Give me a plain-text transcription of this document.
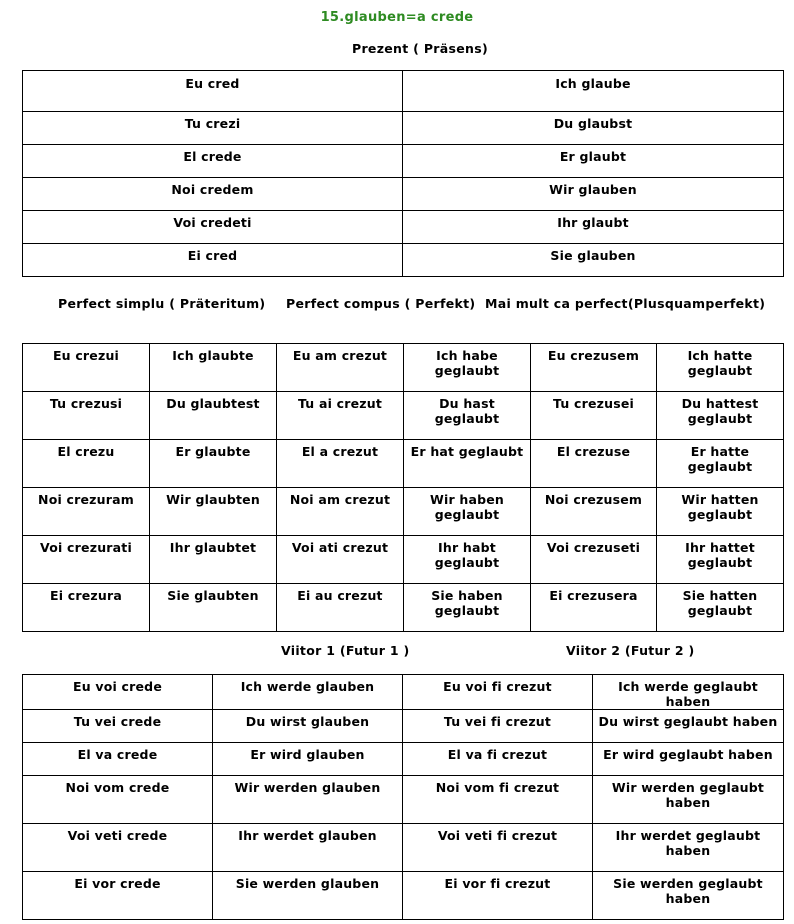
15.glauben=a crede
Prezent ( Präsens)
Eu cred	Ich glaube
Tu crezi	Du glaubst
El crede	Er glaubt
Noi credem	Wir glauben
Voi credeti	Ihr glaubt
Ei cred	Sie glauben
Perfect simplu ( Präteritum) Perfect compus ( Perfekt) Mai mult ca perfect(Plusquamperfekt)
Eu crezui	Ich glaubte	Eu am crezut	Ich habe geglaubt	Eu crezusem	Ich hatte geglaubt
Tu crezusi	Du glaubtest	Tu ai crezut	Du hast geglaubt	Tu crezusei	Du hattest geglaubt
El crezu	Er glaubte	El a crezut	Er hat geglaubt	El crezuse	Er hatte geglaubt
Noi crezuram	Wir glaubten	Noi am crezut	Wir haben geglaubt	Noi crezusem	Wir hatten geglaubt
Voi crezurati	Ihr glaubtet	Voi ati crezut	Ihr habt geglaubt	Voi crezuseti	Ihr hattet geglaubt
Ei crezura	Sie glaubten	Ei au crezut	Sie haben geglaubt	Ei crezusera	Sie hatten geglaubt
Viitor 1 (Futur 1 )	Viitor 2 (Futur 2 )
Eu voi crede	Ich werde glauben	Eu voi fi crezut	Ich werde geglaubt haben
Tu vei crede	Du wirst glauben	Tu vei fi crezut	Du wirst geglaubt haben
El va crede	Er wird glauben	El va fi crezut	Er wird geglaubt haben
Noi vom crede	Wir werden glauben	Noi vom fi crezut	Wir werden geglaubt haben
Voi veti crede	Ihr werdet glauben	Voi veti fi crezut	Ihr werdet geglaubt haben
Ei vor crede	Sie werden glauben	Ei vor fi crezut	Sie werden geglaubt haben
